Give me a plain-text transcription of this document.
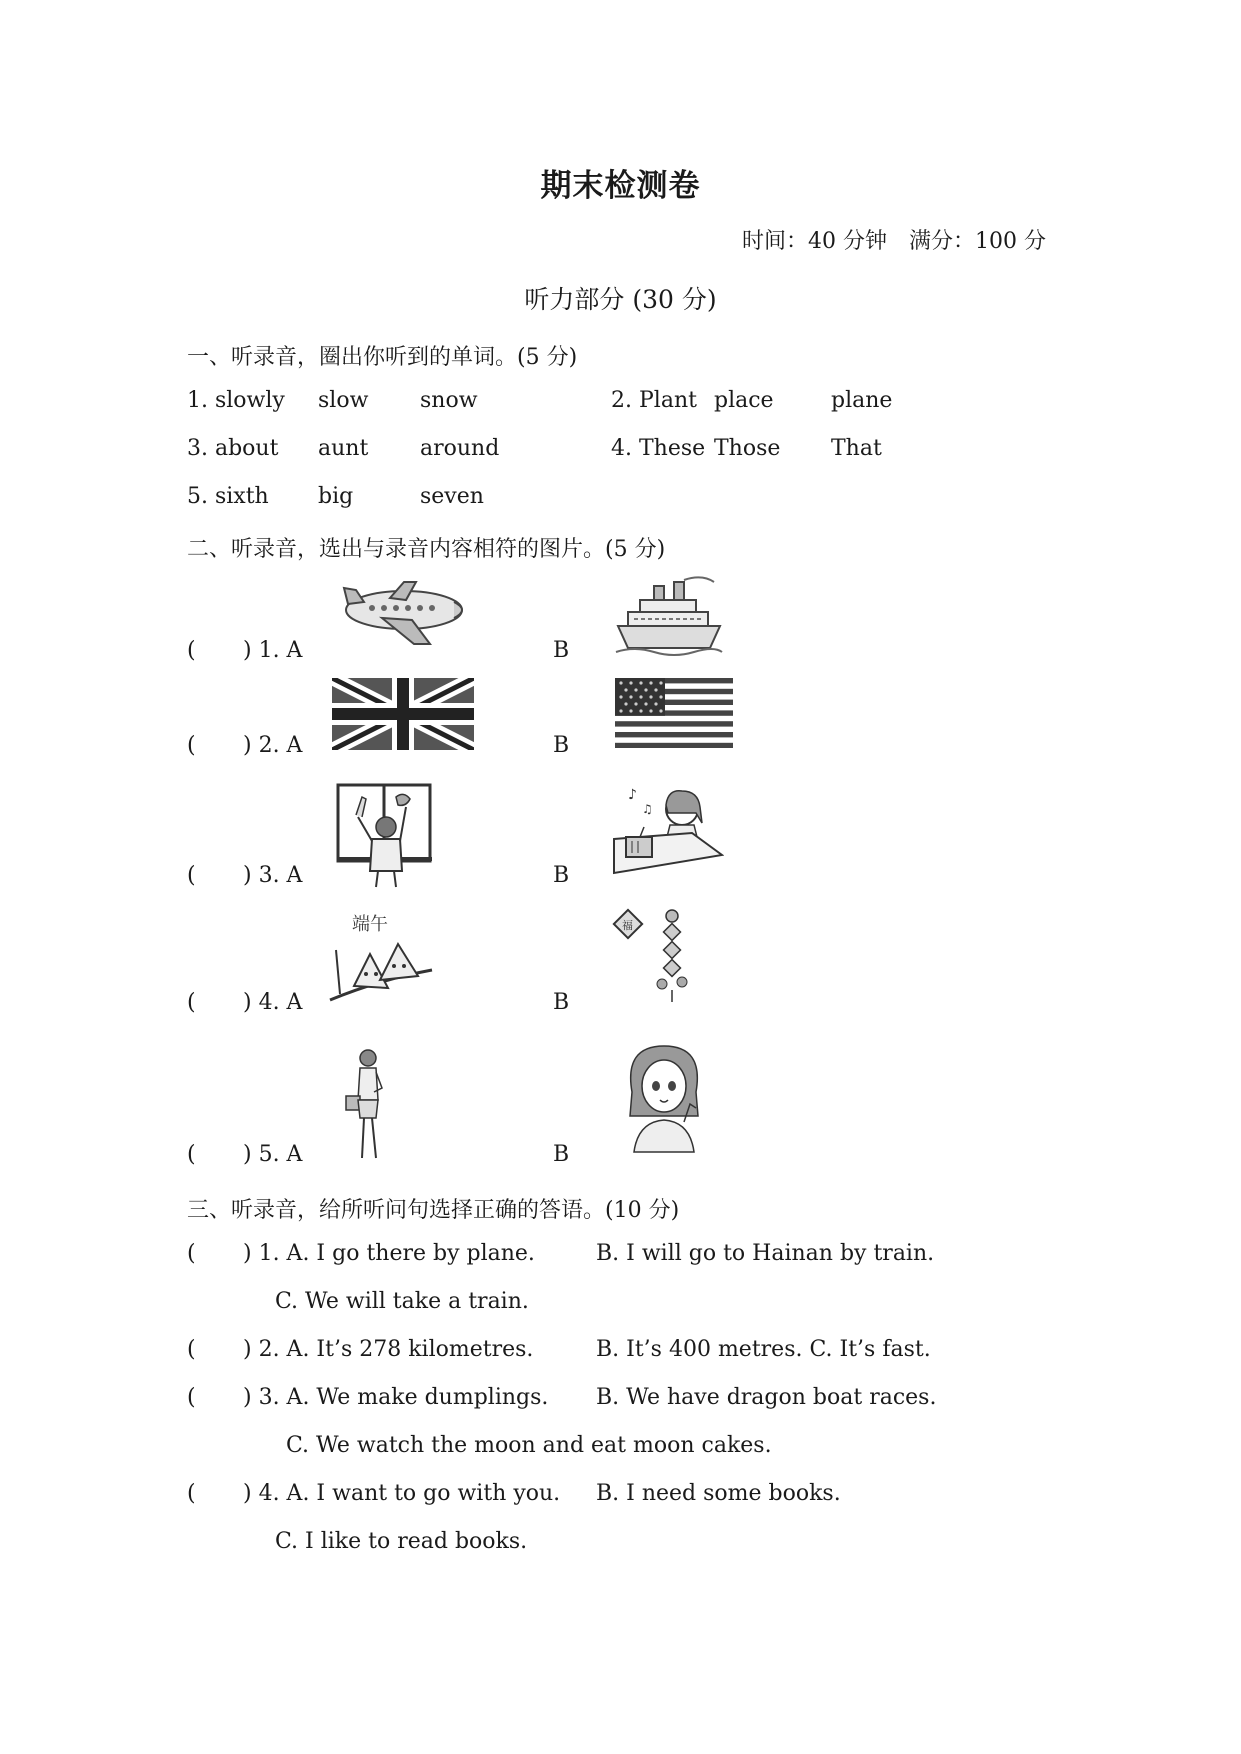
期末检测卷
时间：40 分钟　满分：100 分
听力部分 (30 分)
一、听录音，圈出你听到的单词。(5 分)
1. slowly slow snow	2. Plant place	plane
3. about aunt around	4. These Those That
5. sixth big	seven
二、听录音，选出与录音内容相符的图片。(5 分)
( ) 1. A	B
( ) 2. A	B
( ) 3. A	B
♪
♫
( ) 4. A	B
端午	福
( ) 5. A	B
三、听录音，给所听问句选择正确的答语。(10 分)
( ) 1. A. I go there by plane.	B. I will go to Hainan by train.
C. We will take a train.
( ) 2. A. It’s 278 kilometres.	B. It’s 400 metres. C. It’s fast.
( ) 3. A. We make dumplings. B. We have dragon boat races.
C. We watch the moon and eat moon cakes.
( ) 4. A. I want to go with you. B. I need some books.
C. I like to read books.
